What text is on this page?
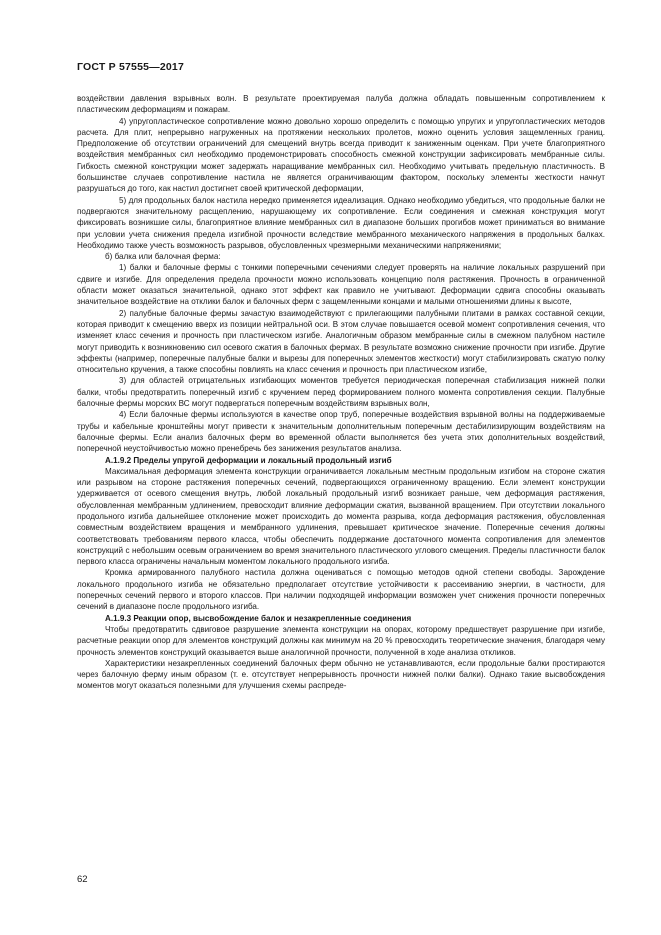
ГОСТ Р 57555—2017

воздействии давления взрывных волн. В результате проектируемая палуба должна обладать повышенным сопротивлением к пластическим деформациям и пожарам.

4) упругопластическое сопротивление можно довольно хорошо определить с помощью упругих и упругопластических методов расчета. Для плит, непрерывно нагруженных на протяжении нескольких пролетов, можно оценить условия защемленных границ. Предположение об отсутствии ограничений для смещений внутрь всегда приводит к заниженным оценкам. При учете благоприятного воздействия мембранных сил необходимо продемонстрировать способность смежной конструкции зафиксировать мембранные силы. Гибкость смежной конструкции может задержать наращивание мембранных сил. Необходимо учитывать предельную пластичность. В большинстве случаев сопротивление настила не является ограничивающим фактором, поскольку элементы жесткости начнут разрушаться до того, как настил достигнет своей критической деформации,

5) для продольных балок настила нередко применяется идеализация. Однако необходимо убедиться, что продольные балки не подвергаются значительному расщеплению, нарушающему их сопротивление. Если соединения и смежная конструкция могут фиксировать возникшие силы, благоприятное влияние мембранных сил в диапазоне больших прогибов может приниматься во внимание при условии учета снижения предела изгибной прочности вследствие мембранного механического напряжения в продольных балках. Необходимо также учесть возможность разрывов, обусловленных чрезмерными механическими напряжениями;

б) балка или балочная ферма:

1) балки и балочные фермы с тонкими поперечными сечениями следует проверять на наличие локальных разрушений при сдвиге и изгибе. Для определения предела прочности можно использовать концепцию поля растяжения. Прочность в ограниченной области может оказаться значительной, однако этот эффект как правило не учитывают. Деформации сдвига способны оказывать значительное воздействие на отклики балок и балочных ферм с защемленными концами и малыми отношениями длины к высоте,

2) палубные балочные фермы зачастую взаимодействуют с прилегающими палубными плитами в рамках составной секции, которая приводит к смещению вверх из позиции нейтральной оси. В этом случае повышается осевой момент сопротивления сечения, что изменяет класс сечения и прочность при пластическом изгибе. Аналогичным образом мембранные силы в смежном палубном настиле могут приводить к возникновению сил осевого сжатия в балочных фермах. В результате возможно снижение прочности при изгибе. Другие эффекты (например, поперечные палубные балки и вырезы для поперечных элементов жесткости) могут стабилизировать сжатую полку относительно кручения, а также способны повлиять на класс сечения и прочность при пластическом изгибе,

3) для областей отрицательных изгибающих моментов требуется периодическая поперечная стабилизация нижней полки балки, чтобы предотвратить поперечный изгиб с кручением перед формированием полного момента сопротивления секции. Палубные балочные фермы морских ВС могут подвергаться поперечным воздействиям взрывных волн,

4) Если балочные фермы используются в качестве опор труб, поперечные воздействия взрывной волны на поддерживаемые трубы и кабельные кронштейны могут привести к значительным дополнительным поперечным дестабилизирующим воздействиям на балочные фермы. Если анализ балочных ферм во временной области выполняется без учета этих дополнительных воздействий, поперечной неустойчивостью можно пренебречь без занижения результатов анализа.

А.1.9.2 Пределы упругой деформации и локальный продольный изгиб

Максимальная деформация элемента конструкции ограничивается локальным местным продольным изгибом на стороне сжатия или разрывом на стороне растяжения поперечных сечений, подвергающихся ограниченному вращению. Если элемент конструкции удерживается от осевого смещения внутрь, любой локальный продольный изгиб возникает раньше, чем деформация растяжения, обусловленная мембранным удлинением, превосходит влияние деформации сжатия, вызванной вращением. При отсутствии локального продольного изгиба дальнейшее отклонение может происходить до момента разрыва, когда деформация растяжения, обусловленная совместным воздействием вращения и мембранного удлинения, превышает критическое значение. Поперечные сечения должны соответствовать требованиям первого класса, чтобы обеспечить поддержание достаточного момента сопротивления для элементов конструкций с небольшим осевым ограничением во время значительного пластического углового смещения. Пределы пластичности балок первого класса ограничены начальным моментом локального продольного изгиба.

Кромка армированного палубного настила должна оцениваться с помощью методов одной степени свободы. Зарождение локального продольного изгиба не обязательно предполагает отсутствие устойчивости к рассеиванию энергии, в частности, для поперечных сечений первого и второго классов. При наличии подходящей информации возможен учет снижения прочности поперечных сечений в диапазоне после продольного изгиба.

А.1.9.3 Реакции опор, высвобождение балок и незакрепленные соединения

Чтобы предотвратить сдвиговое разрушение элемента конструкции на опорах, которому предшествует разрушение при изгибе, расчетные реакции опор для элементов конструкций должны как минимум на 20 % превосходить теоретические значения, благодаря чему прочность элементов конструкций оказывается выше аналогичной прочности, полученной в ходе анализа откликов.

Характеристики незакрепленных соединений балочных ферм обычно не устанавливаются, если продольные балки простираются через балочную ферму иным образом (т. е. отсутствует непрерывность прочности нижней полки балки). Однако такие высвобождения моментов могут оказаться полезными для улучшения схемы распреде-

62
